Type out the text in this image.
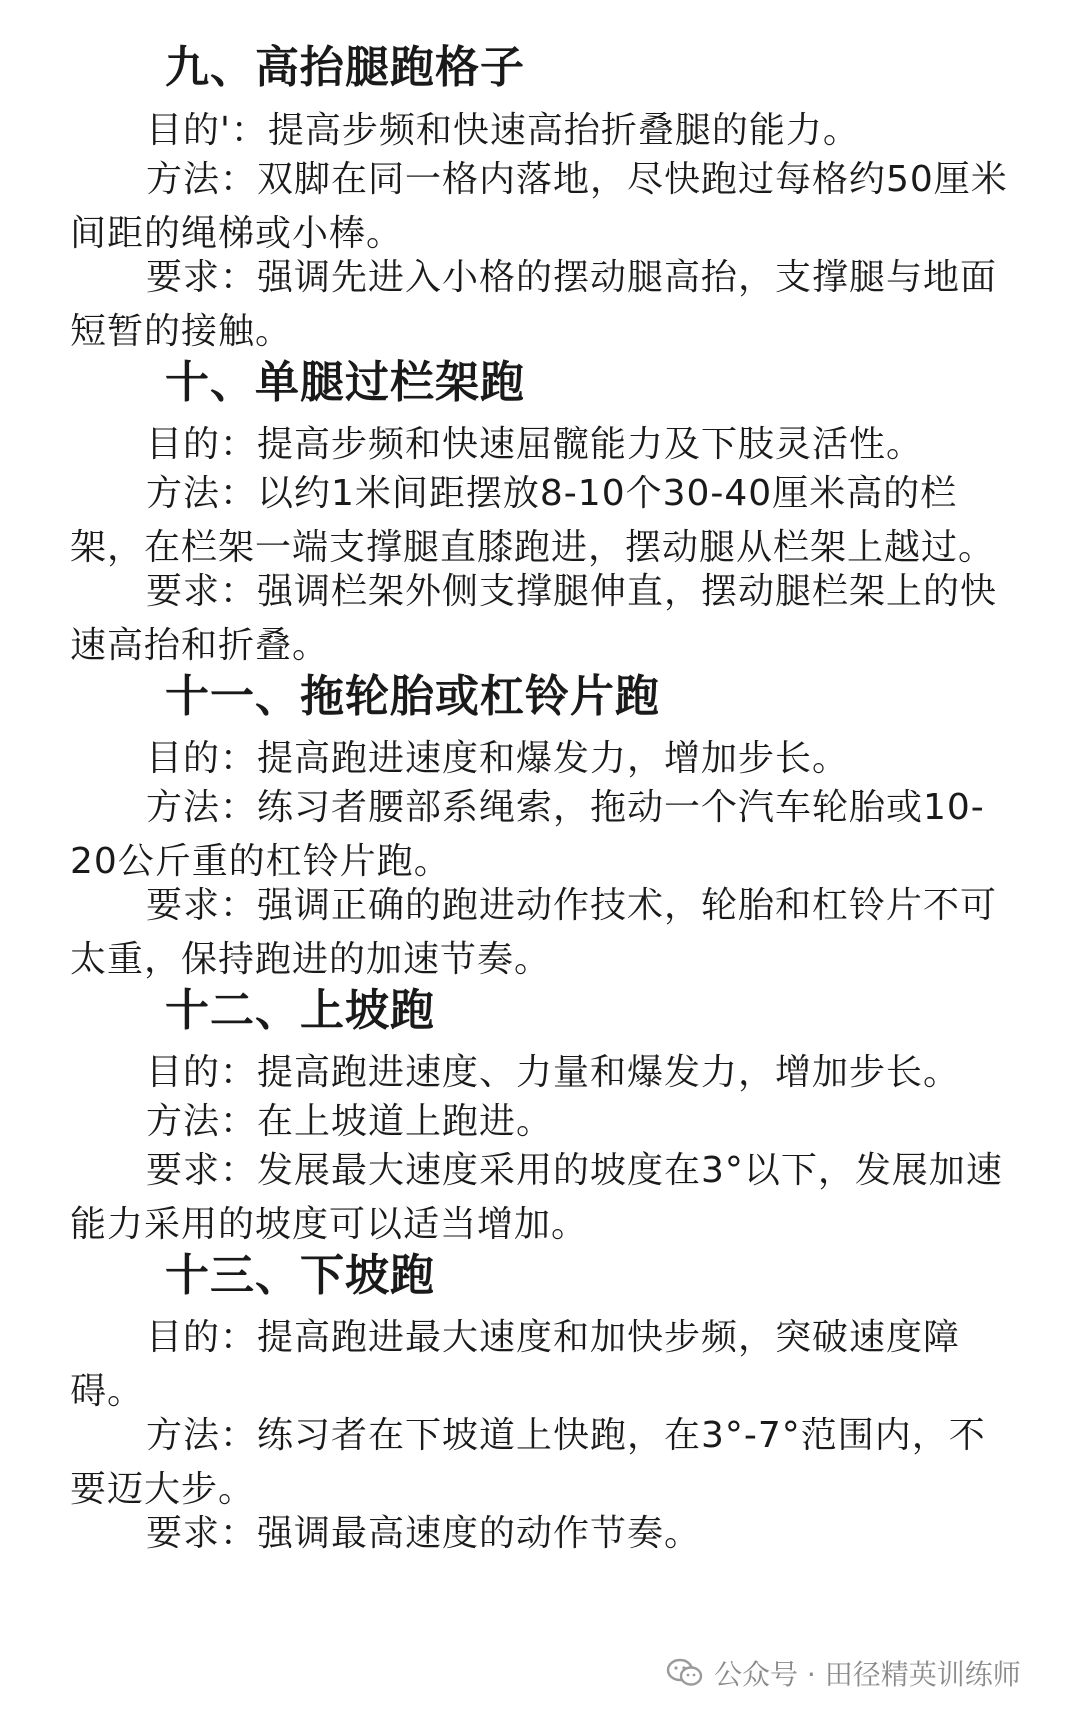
九、高抬腿跑格子

目的'：提高步频和快速高抬折叠腿的能力。

方法：双脚在同一格内落地，尽快跑过每格约50厘米间距的绳梯或小棒。

要求：强调先进入小格的摆动腿高抬，支撑腿与地面短暂的接触。

十、单腿过栏架跑

目的：提高步频和快速屈髋能力及下肢灵活性。

方法：以约1米间距摆放8-10个30-40厘米高的栏架，在栏架一端支撑腿直膝跑进，摆动腿从栏架上越过。

要求：强调栏架外侧支撑腿伸直，摆动腿栏架上的快速高抬和折叠。

十一、拖轮胎或杠铃片跑

目的：提高跑进速度和爆发力，增加步长。

方法：练习者腰部系绳索，拖动一个汽车轮胎或10-20公斤重的杠铃片跑。

要求：强调正确的跑进动作技术，轮胎和杠铃片不可太重，保持跑进的加速节奏。

十二、上坡跑

目的：提高跑进速度、力量和爆发力，增加步长。

方法：在上坡道上跑进。

要求：发展最大速度采用的坡度在3°以下，发展加速能力采用的坡度可以适当增加。

十三、下坡跑

目的：提高跑进最大速度和加快步频，突破速度障碍。

方法：练习者在下坡道上快跑，在3°-7°范围内，不要迈大步。

要求：强调最高速度的动作节奏。

公众号 · 田径精英训练师
